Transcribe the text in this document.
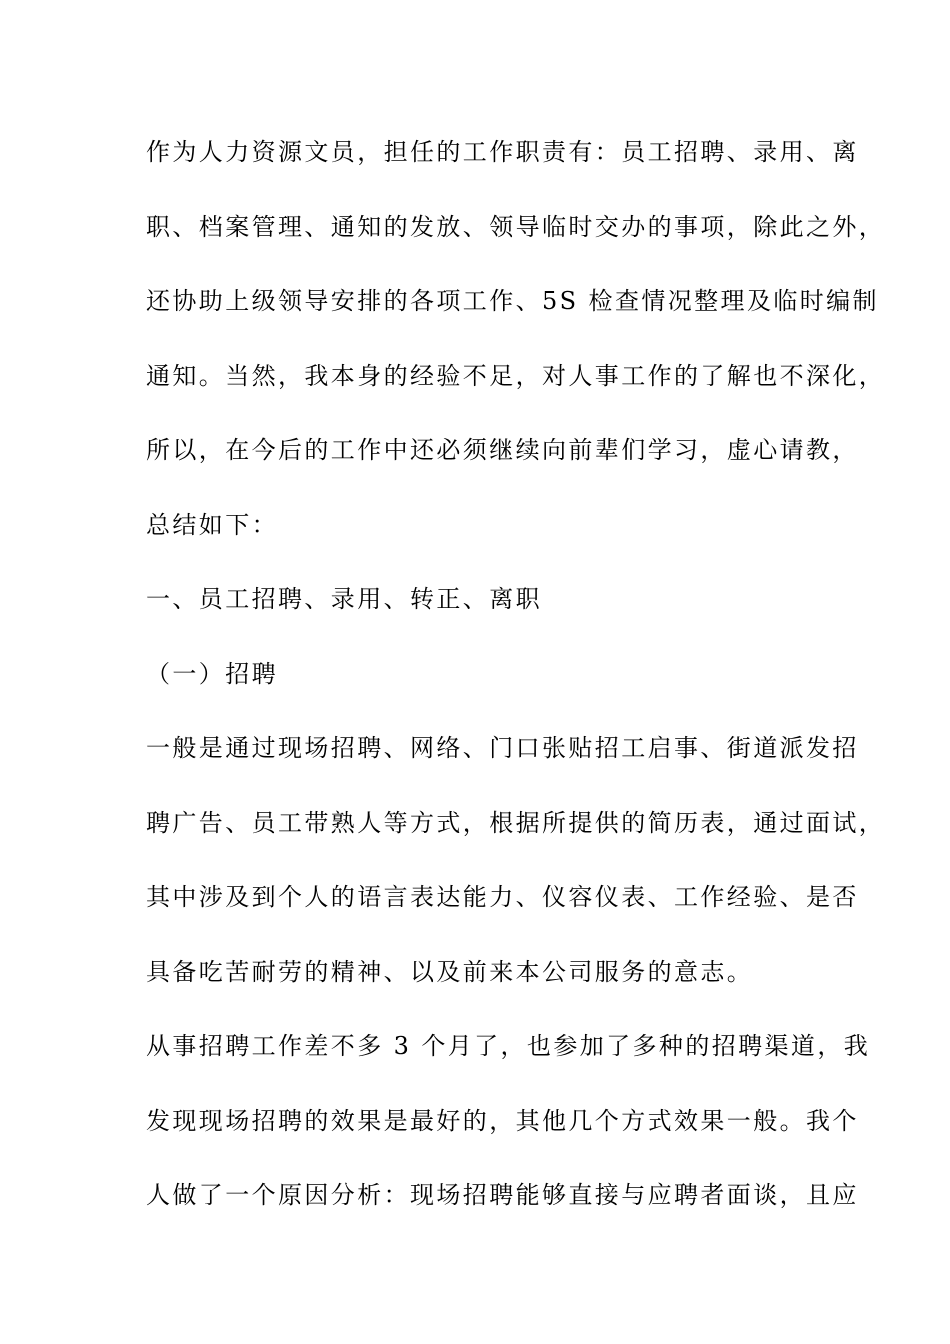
作为人力资源文员，担任的工作职责有：员工招聘、录用、离
职、档案管理、通知的发放、领导临时交办的事项，除此之外，
还协助上级领导安排的各项工作、5S 检查情况整理及临时编制
通知。当然，我本身的经验不足，对人事工作的了解也不深化，
所以，在今后的工作中还必须继续向前辈们学习，虚心请教，
总结如下：
一、员工招聘、录用、转正、离职
（一）招聘
一般是通过现场招聘、网络、门口张贴招工启事、街道派发招
聘广告、员工带熟人等方式，根据所提供的简历表，通过面试，
其中涉及到个人的语言表达能力、仪容仪表、工作经验、是否
具备吃苦耐劳的精神、以及前来本公司服务的意志。
从事招聘工作差不多 3 个月了，也参加了多种的招聘渠道，我
发现现场招聘的效果是最好的，其他几个方式效果一般。我个
人做了一个原因分析：现场招聘能够直接与应聘者面谈，且应
